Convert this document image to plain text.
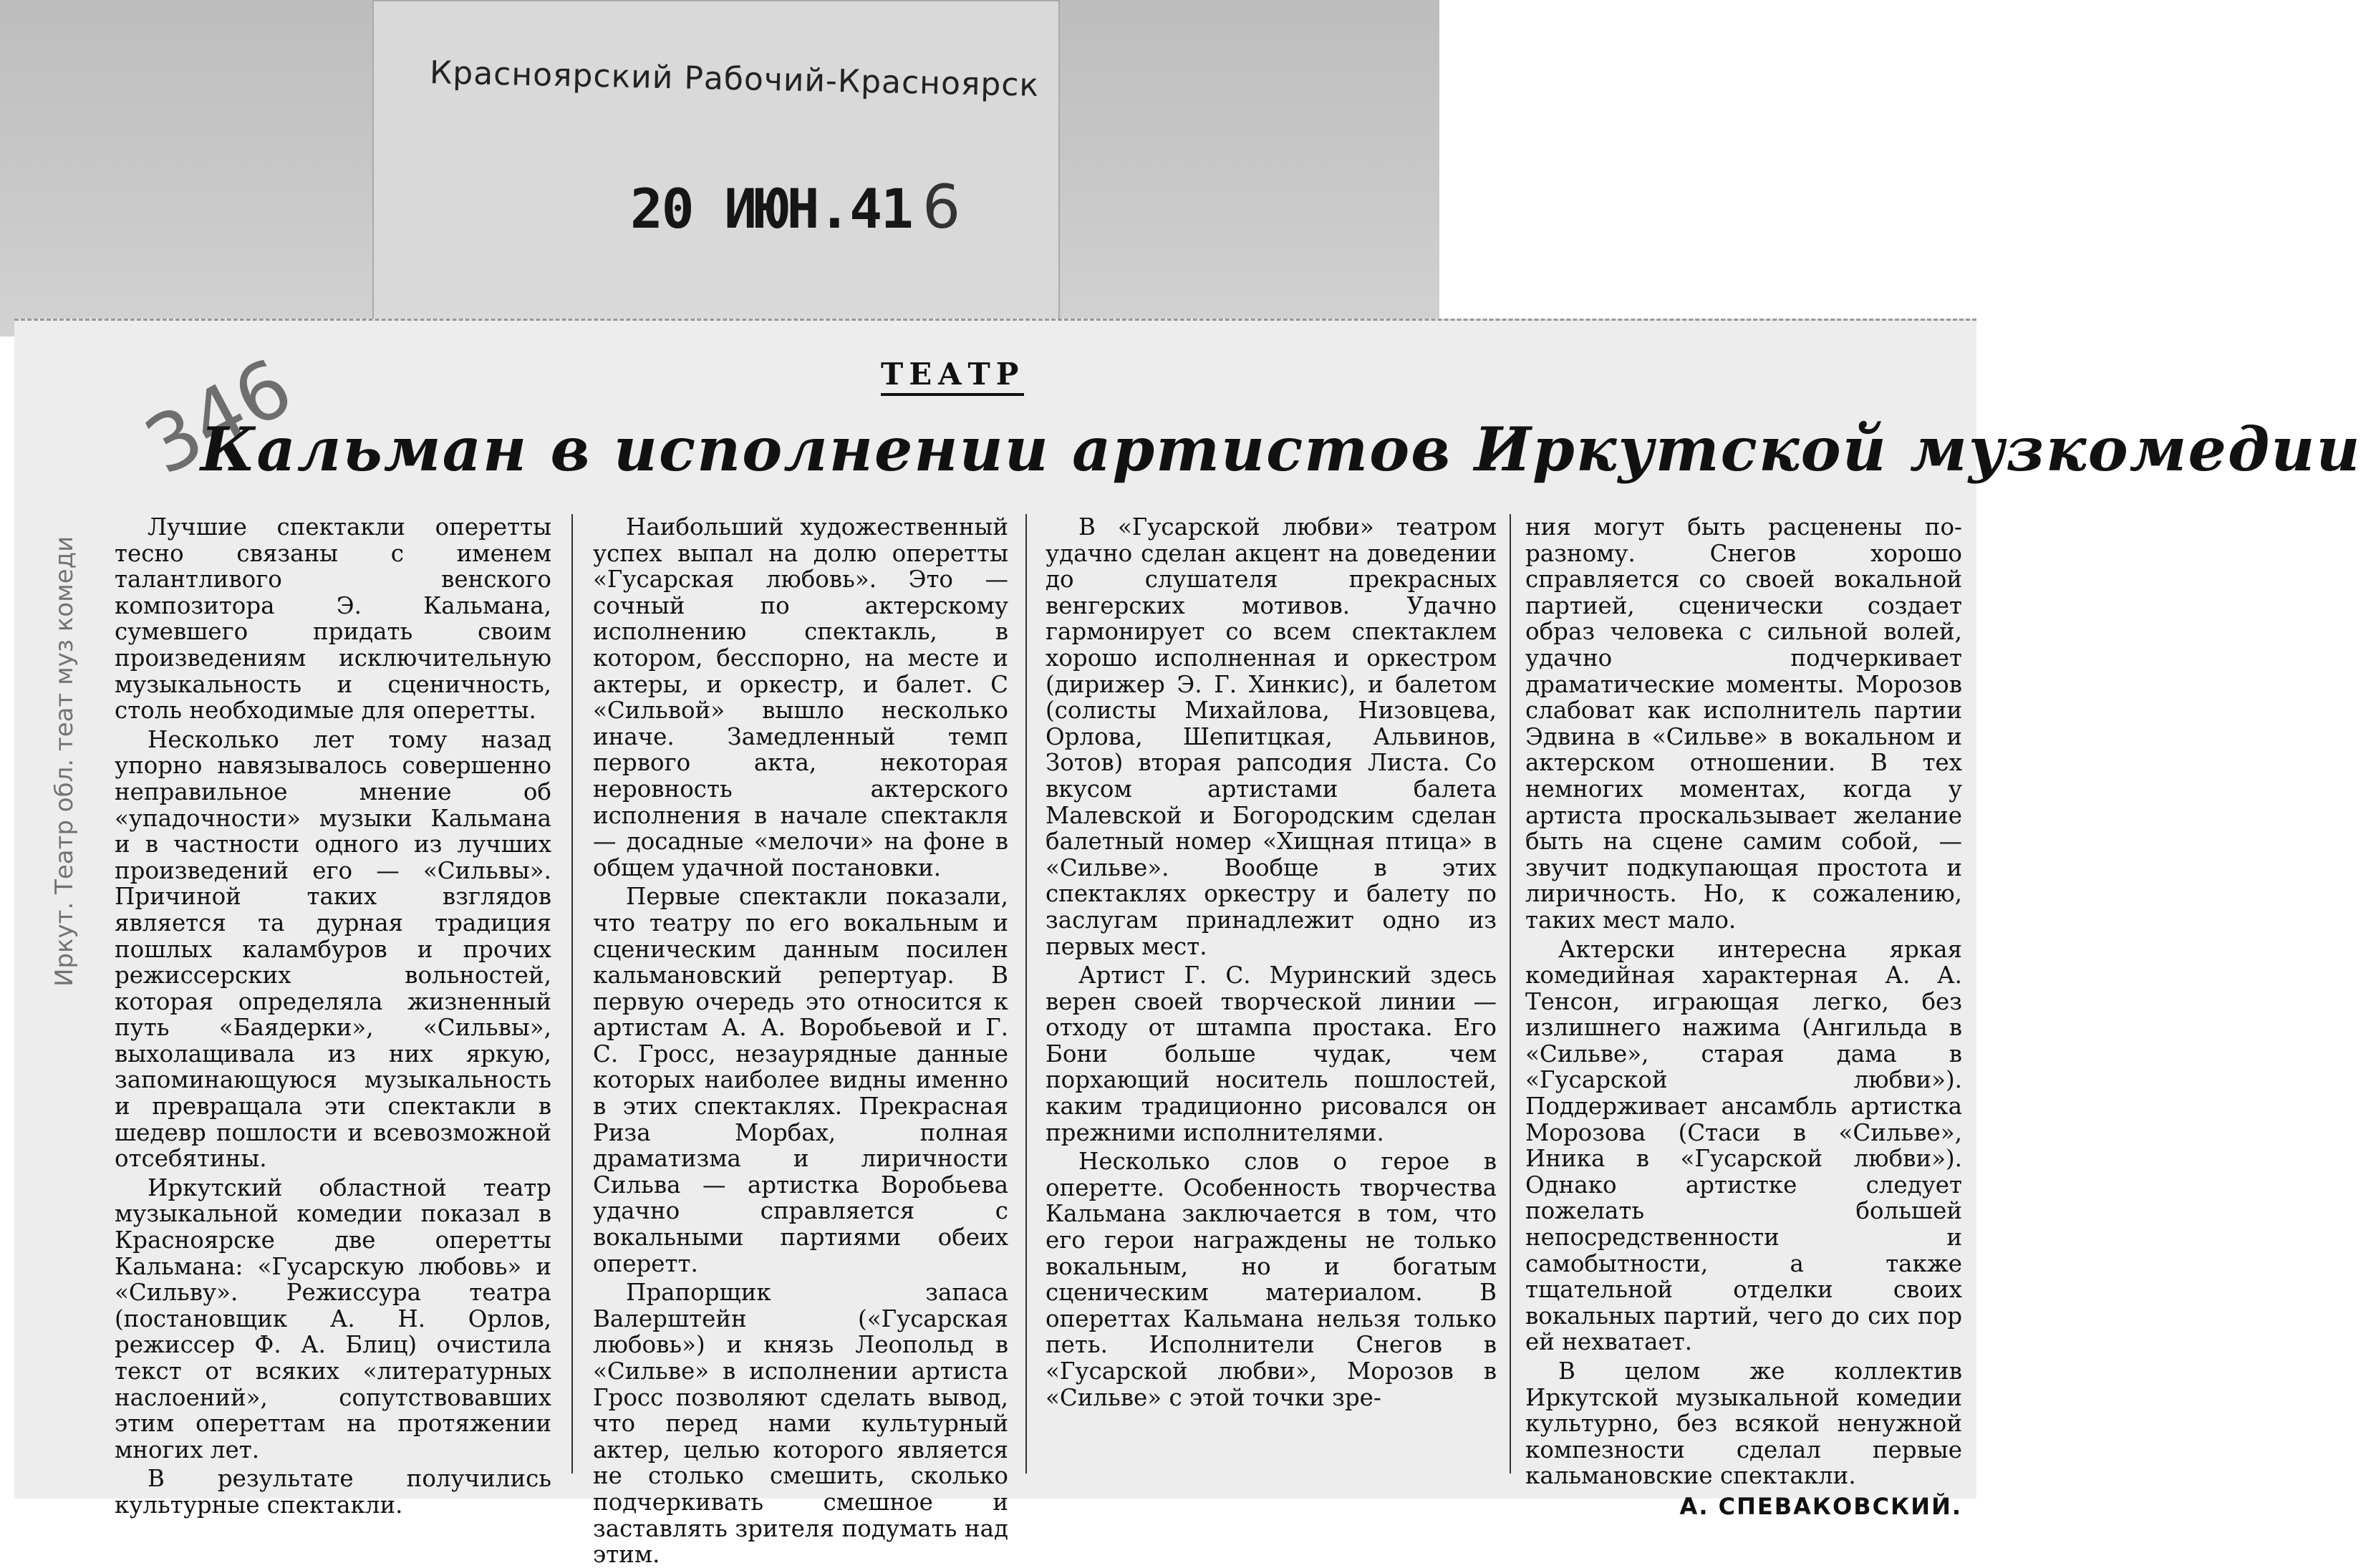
Красноярский Рабочий-Красноярск
20 ИЮН.41 6
346
Иркут. Театр обл. теат муз комеди
ТЕАТР
Кальман в исполнении артистов Иркутской музкомедии

Лучшие спектакли оперетты тесно связаны с именем талантливого венского композитора Э. Кальмана, сумевшего придать своим произведениям исключительную музыкальность и сценичность, столь необходимые для оперетты.

Несколько лет тому назад упорно навязывалось совершенно неправильное мнение об «упадочности» музыки Кальмана и в частности одного из лучших произведений его — «Сильвы». Причиной таких взглядов является та дурная традиция пошлых каламбуров и прочих режиссерских вольностей, которая определяла жизненный путь «Баядерки», «Сильвы», выхолащивала из них яркую, запоминающуюся музыкальность и превращала эти спектакли в шедевр пошлости и всевозможной отсебятины.

Иркутский областной театр музыкальной комедии показал в Красноярске две оперетты Кальмана: «Гусарскую любовь» и «Сильву». Режиссура театра (постановщик А. Н. Орлов, режиссер Ф. А. Блиц) очистила текст от всяких «литературных наслоений», сопутствовавших этим опереттам на протяжении многих лет.

В результате получились культурные спектакли.

Наибольший художественный успех выпал на долю оперетты «Гусарская любовь». Это — сочный по актерскому исполнению спектакль, в котором, бесспорно, на месте и актеры, и оркестр, и балет. С «Сильвой» вышло несколько иначе. Замедленный темп первого акта, некоторая неровность актерского исполнения в начале спектакля — досадные «мелочи» на фоне в общем удачной постановки.

Первые спектакли показали, что театру по его вокальным и сценическим данным посилен кальмановский репертуар. В первую очередь это относится к артистам А. А. Воробьевой и Г. С. Гросс, незаурядные данные которых наиболее видны именно в этих спектаклях. Прекрасная Риза Морбах, полная драматизма и лиричности Сильва — артистка Воробьева удачно справляется с вокальными партиями обеих оперетт.

Прапорщик запаса Валерштейн («Гусарская любовь») и князь Леопольд в «Сильве» в исполнении артиста Гросс позволяют сделать вывод, что перед нами культурный актер, целью которого является не столько смешить, сколько подчеркивать смешное и заставлять зрителя подумать над этим.

В «Гусарской любви» театром удачно сделан акцент на доведении до слушателя прекрасных венгерских мотивов. Удачно гармонирует со всем спектаклем хорошо исполненная и оркестром (дирижер Э. Г. Хинкис), и балетом (солисты Михайлова, Низовцева, Орлова, Шепитцкая, Альвинов, Зотов) вторая рапсодия Листа. Со вкусом артистами балета Малевской и Богородским сделан балетный номер «Хищная птица» в «Сильве». Вообще в этих спектаклях оркестру и балету по заслугам принадлежит одно из первых мест.

Артист Г. С. Муринский здесь верен своей творческой линии — отходу от штампа простака. Его Бони больше чудак, чем порхающий носитель пошлостей, каким традиционно рисовался он прежними исполнителями.

Несколько слов о герое в оперетте. Особенность творчества Кальмана заключается в том, что его герои награждены не только вокальным, но и богатым сценическим материалом. В опереттах Кальмана нельзя только петь. Исполнители Снегов в «Гусарской любви», Морозов в «Сильве» с этой точки зре-

ния могут быть расценены по-разному. Снегов хорошо справляется со своей вокальной партией, сценически создает образ человека с сильной волей, удачно подчеркивает драматические моменты. Морозов слабоват как исполнитель партии Эдвина в «Сильве» в вокальном и актерском отношении. В тех немногих моментах, когда у артиста проскальзывает желание быть на сцене самим собой, — звучит подкупающая простота и лиричность. Но, к сожалению, таких мест мало.

Актерски интересна яркая комедийная характерная А. А. Тенсон, играющая легко, без излишнего нажима (Ангильда в «Сильве», старая дама в «Гусарской любви»). Поддерживает ансамбль артистка Морозова (Стаси в «Сильве», Иника в «Гусарской любви»). Однако артистке следует пожелать большей непосредственности и самобытности, а также тщательной отделки своих вокальных партий, чего до сих пор ей нехватает.

В целом же коллектив Иркутской музыкальной комедии культурно, без всякой ненужной компезности сделал первые кальмановские спектакли.

А. СПЕВАКОВСКИЙ.
